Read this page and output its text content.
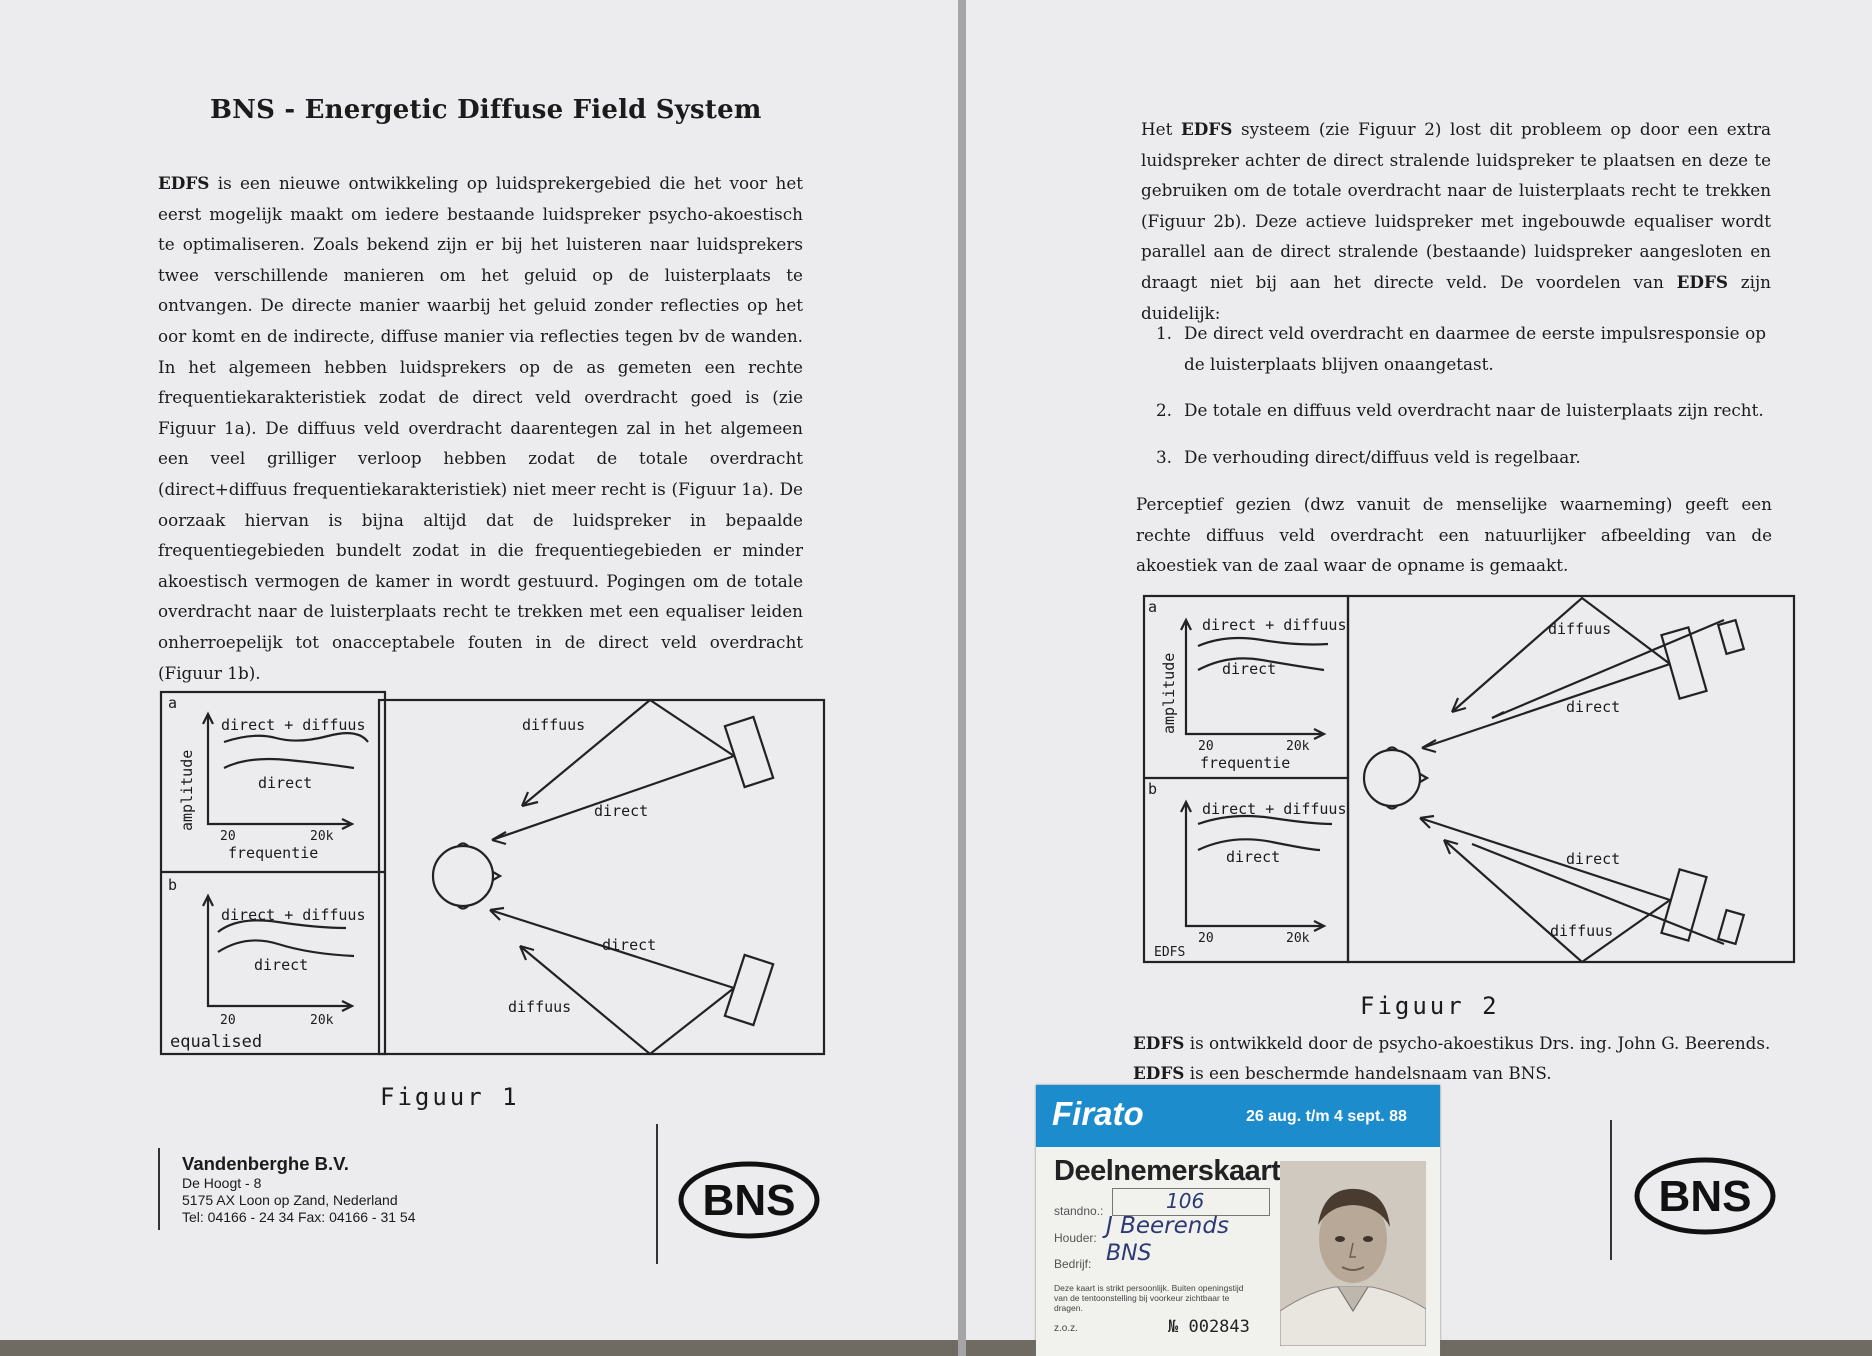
BNS - Energetic Diffuse Field System

EDFS is een nieuwe ontwikkeling op luidsprekergebied die het voor het eerst mogelijk maakt om iedere bestaande luidspreker psycho-akoestisch te optimaliseren. Zoals bekend zijn er bij het luisteren naar luidsprekers twee verschillende manieren om het geluid op de luisterplaats te ontvangen. De directe manier waarbij het geluid zonder reflecties op het oor komt en de indirecte, diffuse manier via reflecties tegen bv de wanden. In het algemeen hebben luidsprekers op de as gemeten een rechte frequentiekarakteristiek zodat de direct veld overdracht goed is (zie Figuur 1a). De diffuus veld overdracht daarentegen zal in het algemeen een veel grilliger verloop hebben zodat de totale overdracht (direct+diffuus frequentiekarakteristiek) niet meer recht is (Figuur 1a). De oorzaak hiervan is bijna altijd dat de luidspreker in bepaalde frequentiegebieden bundelt zodat in die frequentiegebieden er minder akoestisch vermogen de kamer in wordt gestuurd. Pogingen om de totale overdracht naar de luisterplaats recht te trekken met een equaliser leiden onherroepelijk tot onacceptabele fouten in de direct veld overdracht (Figuur 1b).

a
b
direct + diffuus
direct
amplitude
20	20k
frequentie
direct + diffuus
direct
20	20k
equalised
diffuus
direct
direct
diffuus
Figuur 1
Vandenberghe B.V.
De Hoogt - 8
5175 AX Loon op Zand, Nederland
Tel: 04166 - 24 34 Fax: 04166 - 31 54	BNS

Het EDFS systeem (zie Figuur 2) lost dit probleem op door een extra luidspreker achter de direct stralende luidspreker te plaatsen en deze te gebruiken om de totale overdracht naar de luisterplaats recht te trekken (Figuur 2b). Deze actieve luidspreker met ingebouwde equaliser wordt parallel aan de direct stralende (bestaande) luidspreker aangesloten en draagt niet bij aan het directe veld. De voordelen van EDFS zijn duidelijk:

1. De direct veld overdracht en daarmee de eerste impulsresponsie op de luisterplaats blijven onaangetast.
2. De totale en diffuus veld overdracht naar de luisterplaats zijn recht.
3. De verhouding direct/diffuus veld is regelbaar.

Perceptief gezien (dwz vanuit de menselijke waarneming) geeft een rechte diffuus veld overdracht een natuurlijker afbeelding van de akoestiek van de zaal waar de opname is gemaakt.

a
b
direct + diffuus
direct
amplitude
20	20k
frequentie
direct + diffuus
direct
20	20k
EDFS
diffuus
direct
direct
diffuus
Figuur 2
EDFS is ontwikkeld door de psycho-akoestikus Drs. ing. John G. Beerends.
EDFS is een beschermde handelsnaam van BNS.
BNS
Firato	26 aug. t/m 4 sept. 88
Deelnemerskaart
standno.:	106
Houder: J Beerends
Bedrijf: BNS
Deze kaart is strikt persoonlijk. Buiten openingstijd van de tentoonstelling bij voorkeur zichtbaar te dragen.
z.o.z.	№ 002843
